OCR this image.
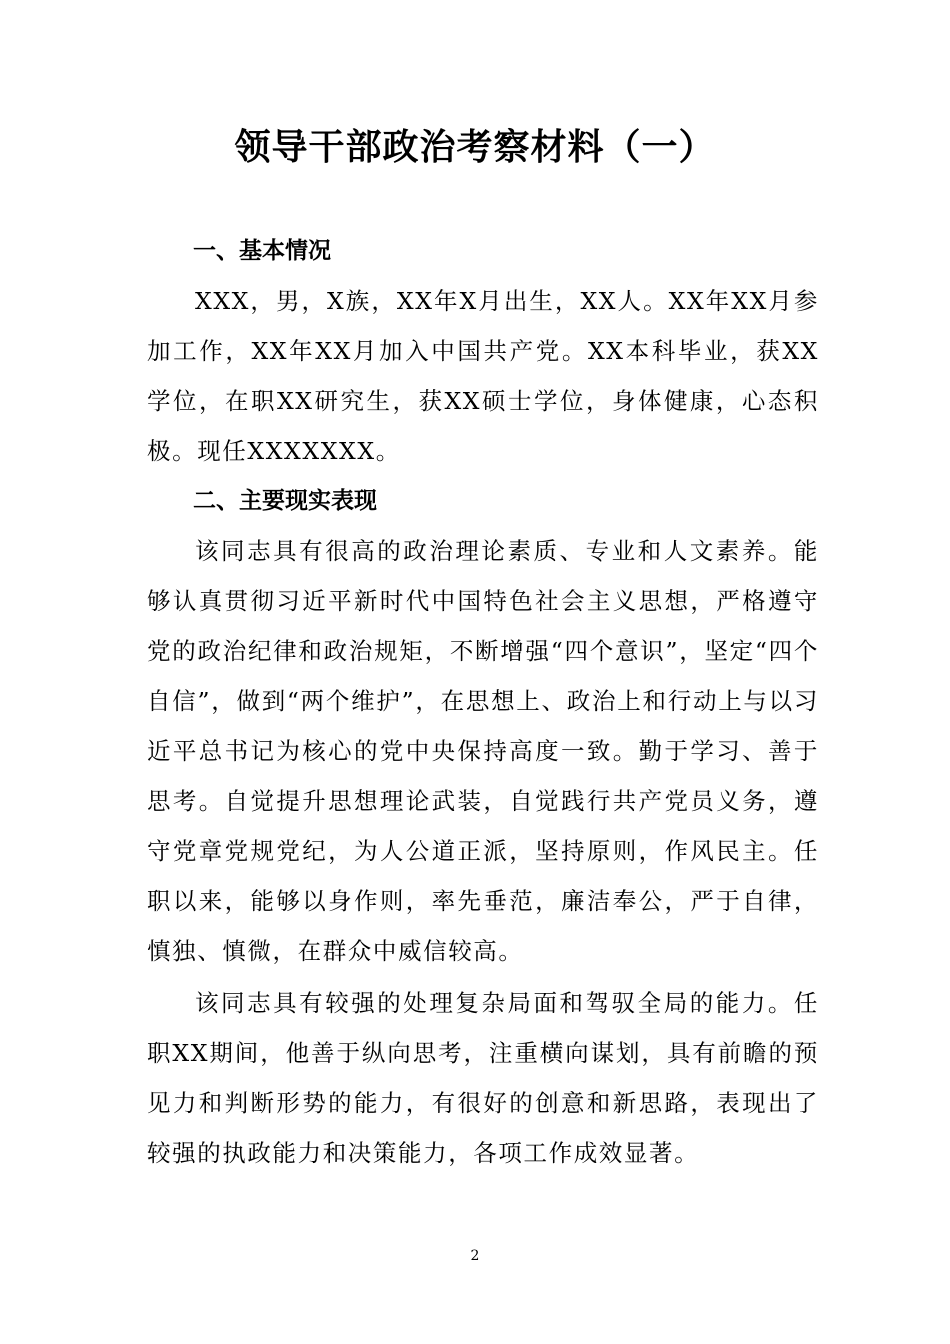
领导干部政治考察材料（一）
一、基本情况

XXX，男，X族，XX年X月出生，XX人。XX年XX月参加工作，XX年XX月加入中国共产党。XX本科毕业，获XX学位，在职XX研究生，获XX硕士学位，身体健康，心态积极。现任XXXXXXX。

二、主要现实表现

该同志具有很高的政治理论素质、专业和人文素养。能够认真贯彻习近平新时代中国特色社会主义思想，严格遵守党的政治纪律和政治规矩，不断增强“四个意识”，坚定“四个自信”，做到“两个维护”，在思想上、政治上和行动上与以习近平总书记为核心的党中央保持高度一致。勤于学习、善于思考。自觉提升思想理论武装，自觉践行共产党员义务，遵守党章党规党纪，为人公道正派，坚持原则，作风民主。任职以来，能够以身作则，率先垂范，廉洁奉公，严于自律，慎独、慎微，在群众中威信较高。

该同志具有较强的处理复杂局面和驾驭全局的能力。任职XX期间，他善于纵向思考，注重横向谋划，具有前瞻的预见力和判断形势的能力，有很好的创意和新思路，表现出了较强的执政能力和决策能力，各项工作成效显著。

2
